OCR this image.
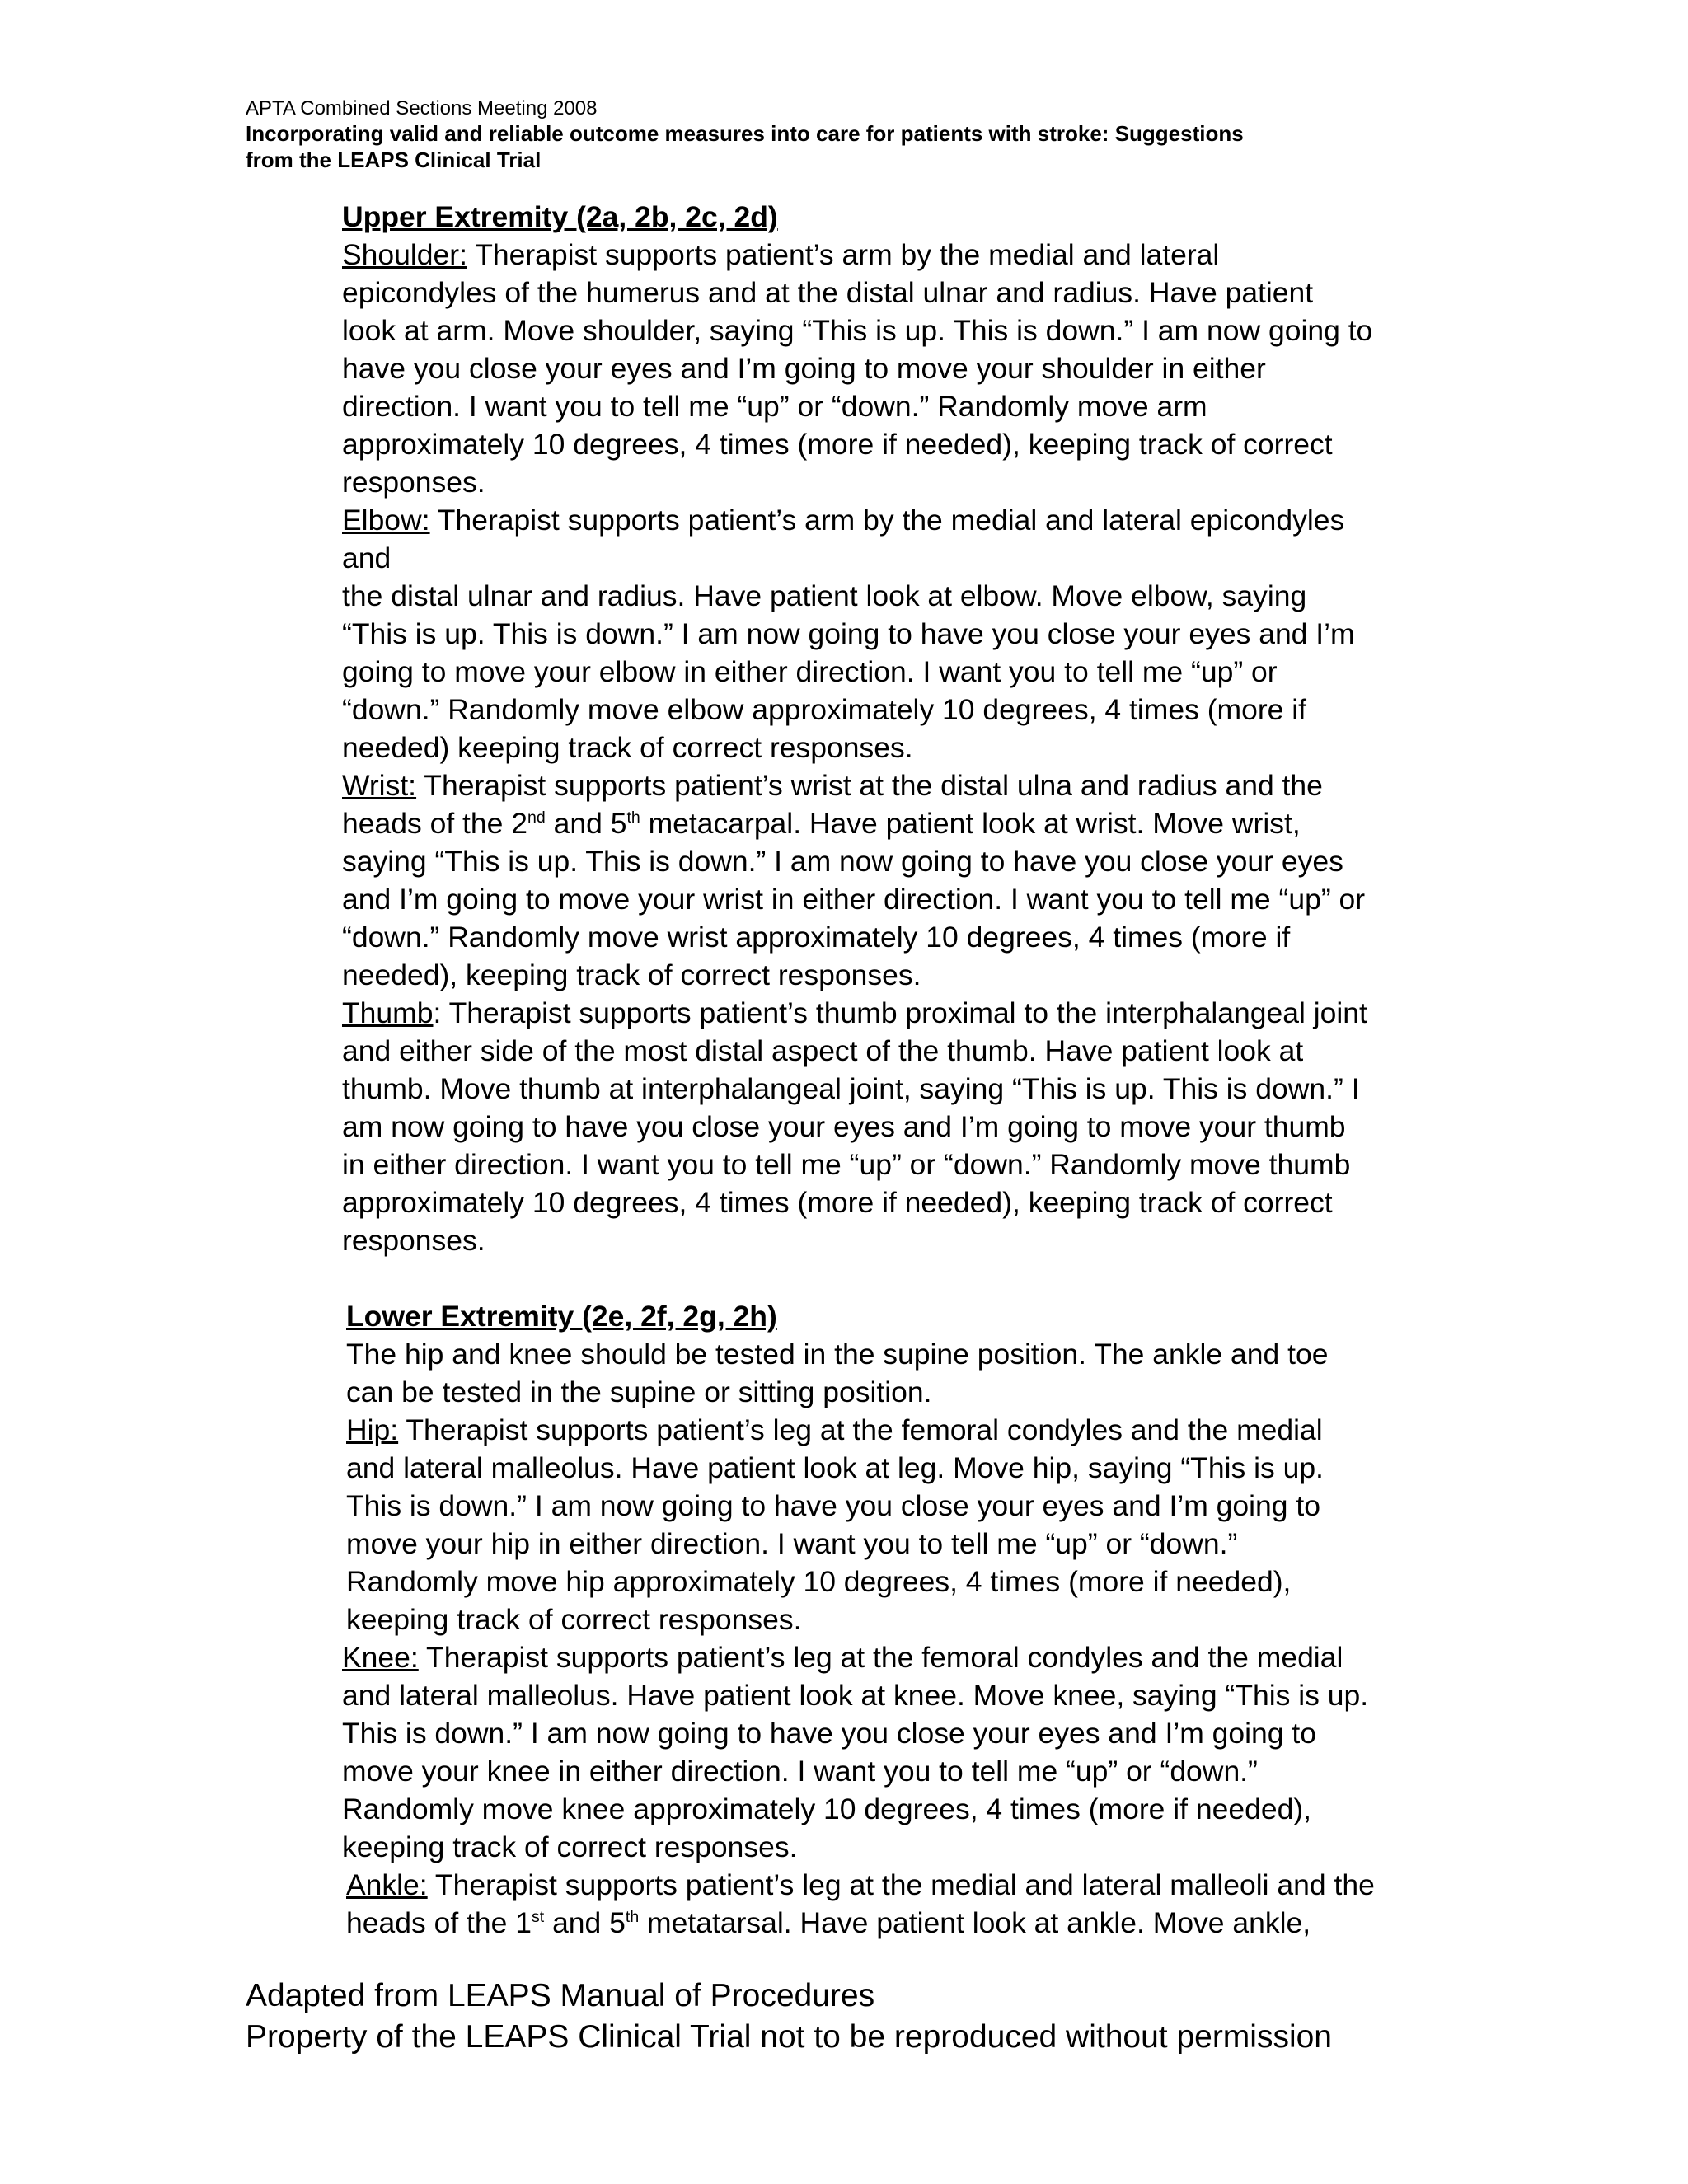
APTA Combined Sections Meeting 2008
Incorporating valid and reliable outcome measures into care for patients with stroke: Suggestions
from the LEAPS Clinical Trial
Upper Extremity (2a, 2b, 2c, 2d)
Shoulder: Therapist supports patient’s arm by the medial and lateral
epicondyles of the humerus and at the distal ulnar and radius. Have patient
look at arm. Move shoulder, saying “This is up. This is down.” I am now going to
have you close your eyes and I’m going to move your shoulder in either
direction. I want you to tell me “up” or “down.” Randomly move arm
approximately 10 degrees, 4 times (more if needed), keeping track of correct
responses.
Elbow: Therapist supports patient’s arm by the medial and lateral epicondyles
and
the distal ulnar and radius. Have patient look at elbow. Move elbow, saying
“This is up. This is down.” I am now going to have you close your eyes and I’m
going to move your elbow in either direction. I want you to tell me “up” or
“down.” Randomly move elbow approximately 10 degrees, 4 times (more if
needed) keeping track of correct responses.
Wrist: Therapist supports patient’s wrist at the distal ulna and radius and the
heads of the 2nd and 5th metacarpal. Have patient look at wrist. Move wrist,
saying “This is up. This is down.” I am now going to have you close your eyes
and I’m going to move your wrist in either direction. I want you to tell me “up” or
“down.” Randomly move wrist approximately 10 degrees, 4 times (more if
needed), keeping track of correct responses.
Thumb: Therapist supports patient’s thumb proximal to the interphalangeal joint
and either side of the most distal aspect of the thumb. Have patient look at
thumb. Move thumb at interphalangeal joint, saying “This is up. This is down.” I
am now going to have you close your eyes and I’m going to move your thumb
in either direction. I want you to tell me “up” or “down.” Randomly move thumb
approximately 10 degrees, 4 times (more if needed), keeping track of correct
responses.
Lower Extremity (2e, 2f, 2g, 2h)
The hip and knee should be tested in the supine position. The ankle and toe
can be tested in the supine or sitting position.
Hip: Therapist supports patient’s leg at the femoral condyles and the medial
and lateral malleolus. Have patient look at leg. Move hip, saying “This is up.
This is down.” I am now going to have you close your eyes and I’m going to
move your hip in either direction. I want you to tell me “up” or “down.”
Randomly move hip approximately 10 degrees, 4 times (more if needed),
keeping track of correct responses.
Knee: Therapist supports patient’s leg at the femoral condyles and the medial
and lateral malleolus. Have patient look at knee. Move knee, saying “This is up.
This is down.” I am now going to have you close your eyes and I’m going to
move your knee in either direction. I want you to tell me “up” or “down.”
Randomly move knee approximately 10 degrees, 4 times (more if needed),
keeping track of correct responses.
Ankle: Therapist supports patient’s leg at the medial and lateral malleoli and the
heads of the 1st and 5th metatarsal. Have patient look at ankle. Move ankle,
Adapted from LEAPS Manual of Procedures
Property of the LEAPS Clinical Trial not to be reproduced without permission
